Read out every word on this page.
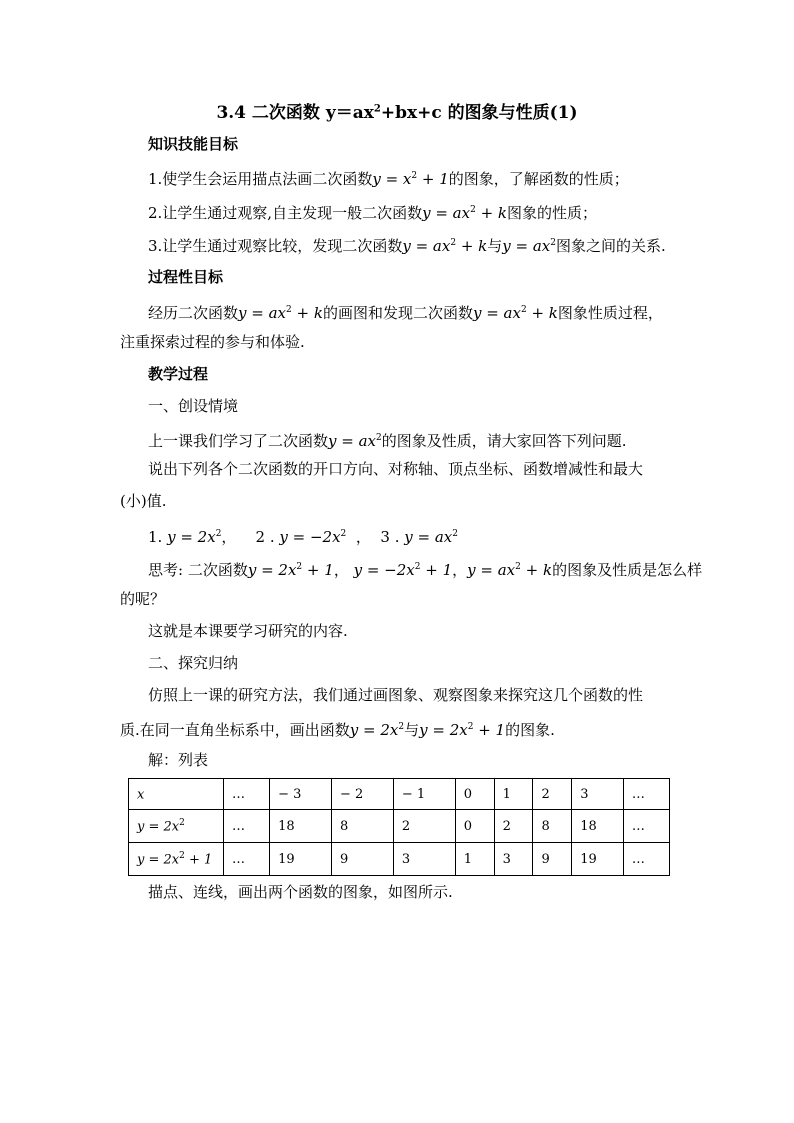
3.4 二次函数 $y=ax^2+bx+c$ 的图象与性质(1)
知识技能目标
1.使学生会运用描点法画二次函数$y = x^2 + 1$的图象，了解函数的性质；
2.让学生通过观察,自主发现一般二次函数$y = ax^2 + k$图象的性质；
3.让学生通过观察比较，发现二次函数$y = ax^2 + k$与$y = ax^2$图象之间的关系.
过程性目标
经历二次函数$y = ax^2 + k$的画图和发现二次函数$y = ax^2 + k$图象性质过程，
注重探索过程的参与和体验.
教学过程
一、创设情境
上一课我们学习了二次函数$y = ax^2$的图象及性质，请大家回答下列问题.
说出下列各个二次函数的开口方向、对称轴、顶点坐标、函数增减性和最大
(小)值.
1. $y = 2x^2$， 2 . $y = -2x^2$ ， 3 . $y = ax^2$
思考: 二次函数$y = 2x^2 + 1$， $y = -2x^2 + 1$，$y = ax^2 + k$的图象及性质是怎么样
的呢？
这就是本课要学习研究的内容.
二、探究归纳
仿照上一课的研究方法，我们通过画图象、观察图象来探究这几个函数的性
质.在同一直角坐标系中，画出函数$y = 2x^2$与$y = 2x^2 + 1$的图象.
解：列表
x	…	− 3	− 2	− 1	0	1	2	3	…
$y = 2x^2$	…	18	8	2	0	2	8	18	…
$y = 2x^2 + 1$	…	19	9	3	1	3	9	19	…
描点、连线，画出两个函数的图象，如图所示.
